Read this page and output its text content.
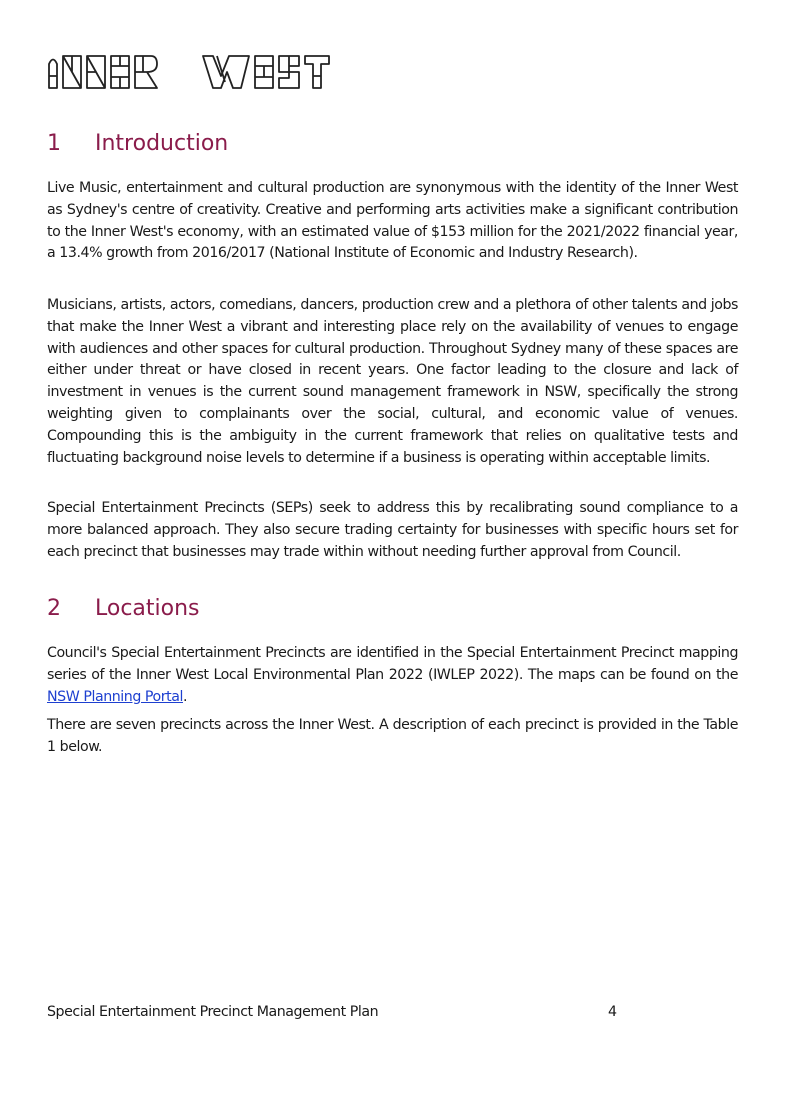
1 Introduction

Live Music, entertainment and cultural production are synonymous with the identity of the Inner West as Sydney's centre of creativity. Creative and performing arts activities make a significant contribution to the Inner West's economy, with an estimated value of $153 million for the 2021/2022 financial year, a 13.4% growth from 2016/2017 (National Institute of Economic and Industry Research).

Musicians, artists, actors, comedians, dancers, production crew and a plethora of other talents and jobs that make the Inner West a vibrant and interesting place rely on the availability of venues to engage with audiences and other spaces for cultural production. Throughout Sydney many of these spaces are either under threat or have closed in recent years. One factor leading to the closure and lack of investment in venues is the current sound management framework in NSW, specifically the strong weighting given to complainants over the social, cultural, and economic value of venues. Compounding this is the ambiguity in the current framework that relies on qualitative tests and fluctuating background noise levels to determine if a business is operating within acceptable limits.

Special Entertainment Precincts (SEPs) seek to address this by recalibrating sound compliance to a more balanced approach. They also secure trading certainty for businesses with specific hours set for each precinct that businesses may trade within without needing further approval from Council.

2 Locations

Council's Special Entertainment Precincts are identified in the Special Entertainment Precinct mapping series of the Inner West Local Environmental Plan 2022 (IWLEP 2022). The maps can be found on the NSW Planning Portal.

There are seven precincts across the Inner West. A description of each precinct is provided in the Table 1 below.

Special Entertainment Precinct Management Plan	4
